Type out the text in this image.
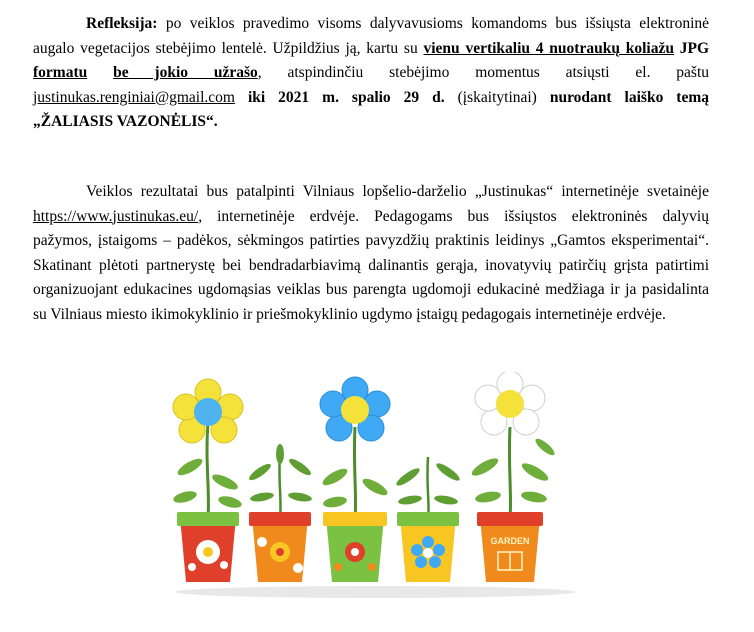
Refleksija: po veiklos pravedimo visoms dalyvavusioms komandoms bus išsiųsta elektroninė
augalo vegetacijos stebėjimo lentelė. Užpildžius ją, kartu su vienu vertikaliu 4 nuotraukų koliažu JPG
formatu be jokio užrašo, atspindinčiu stebėjimo momentus atsiųsti el. paštu
justinukas.renginiai@gmail.com iki 2021 m. spalio 29 d. (įskaitytinai) nurodant laiško temą
„ŽALIASIS VAZONĖLIS“.

Veiklos rezultatai bus patalpinti Vilniaus lopšelio-darželio „Justinukas“ internetinėje svetainėje
https://www.justinukas.eu/, internetinėje erdvėje. Pedagogams bus išsiųstos elektroninės dalyvių
pažymos, įstaigoms – padėkos, sėkmingos patirties pavyzdžių praktinis leidinys „Gamtos eksperimentai“.
Skatinant plėtoti partnerystę bei bendradarbiavimą dalinantis gerąja, inovatyvių patirčių grįsta patirtimi
organizuojant edukacines ugdomąsias veiklas bus parengta ugdomoji edukacinė medžiaga ir ja pasidalinta
su Vilniaus miesto ikimokyklinio ir priešmokyklinio ugdymo įstaigų pedagogais internetinėje erdvėje.

GARDEN
